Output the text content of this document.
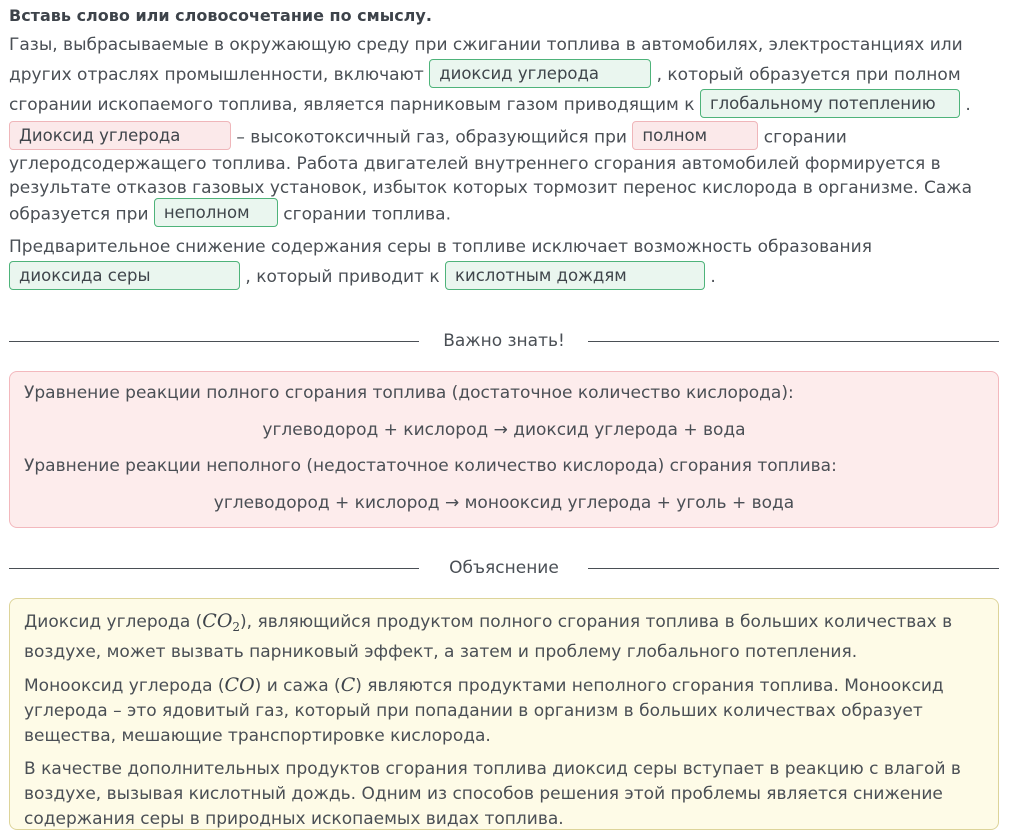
Вставь слово или словосочетание по смыслу.

Газы, выбрасываемые в окружающую среду при сжигании топлива в автомобилях, электростанциях или других отраслях промышленности, включают диоксид углерода	, который образуется при полном сгорании ископаемого топлива, является парниковым газом приводящим к глобальному потеплению .

Диоксид углерода	– высокотоксичный газ, образующийся при полном	сгорании углеродсодержащего топлива. Работа двигателей внутреннего сгорания автомобилей формируется в результате отказов газовых установок, избыток которых тормозит перенос кислорода в организме. Сажа образуется при неполном сгорании топлива.

Предварительное снижение содержания серы в топливе исключает возможность образования диоксида серы	, который приводит к кислотным дождям	.

Важно знать!

Уравнение реакции полного сгорания топлива (достаточное количество кислорода):

углеводород + кислород → диоксид углерода + вода

Уравнение реакции неполного (недостаточное количество кислорода) сгорания топлива:

углеводород + кислород → монооксид углерода + уголь + вода

Объяснение

Диоксид углерода $(CO_2)$, являющийся продуктом полного сгорания топлива в больших количествах в воздухе, может вызвать парниковый эффект, а затем и проблему глобального потепления.

Монооксид углерода (CO) и сажа (C) являются продуктами неполного сгорания топлива. Монооксид углерода – это ядовитый газ, который при попадании в организм в больших количествах образует вещества, мешающие транспортировке кислорода.

В качестве дополнительных продуктов сгорания топлива диоксид серы вступает в реакцию с влагой в воздухе, вызывая кислотный дождь. Одним из способов решения этой проблемы является снижение содержания серы в природных ископаемых видах топлива.
